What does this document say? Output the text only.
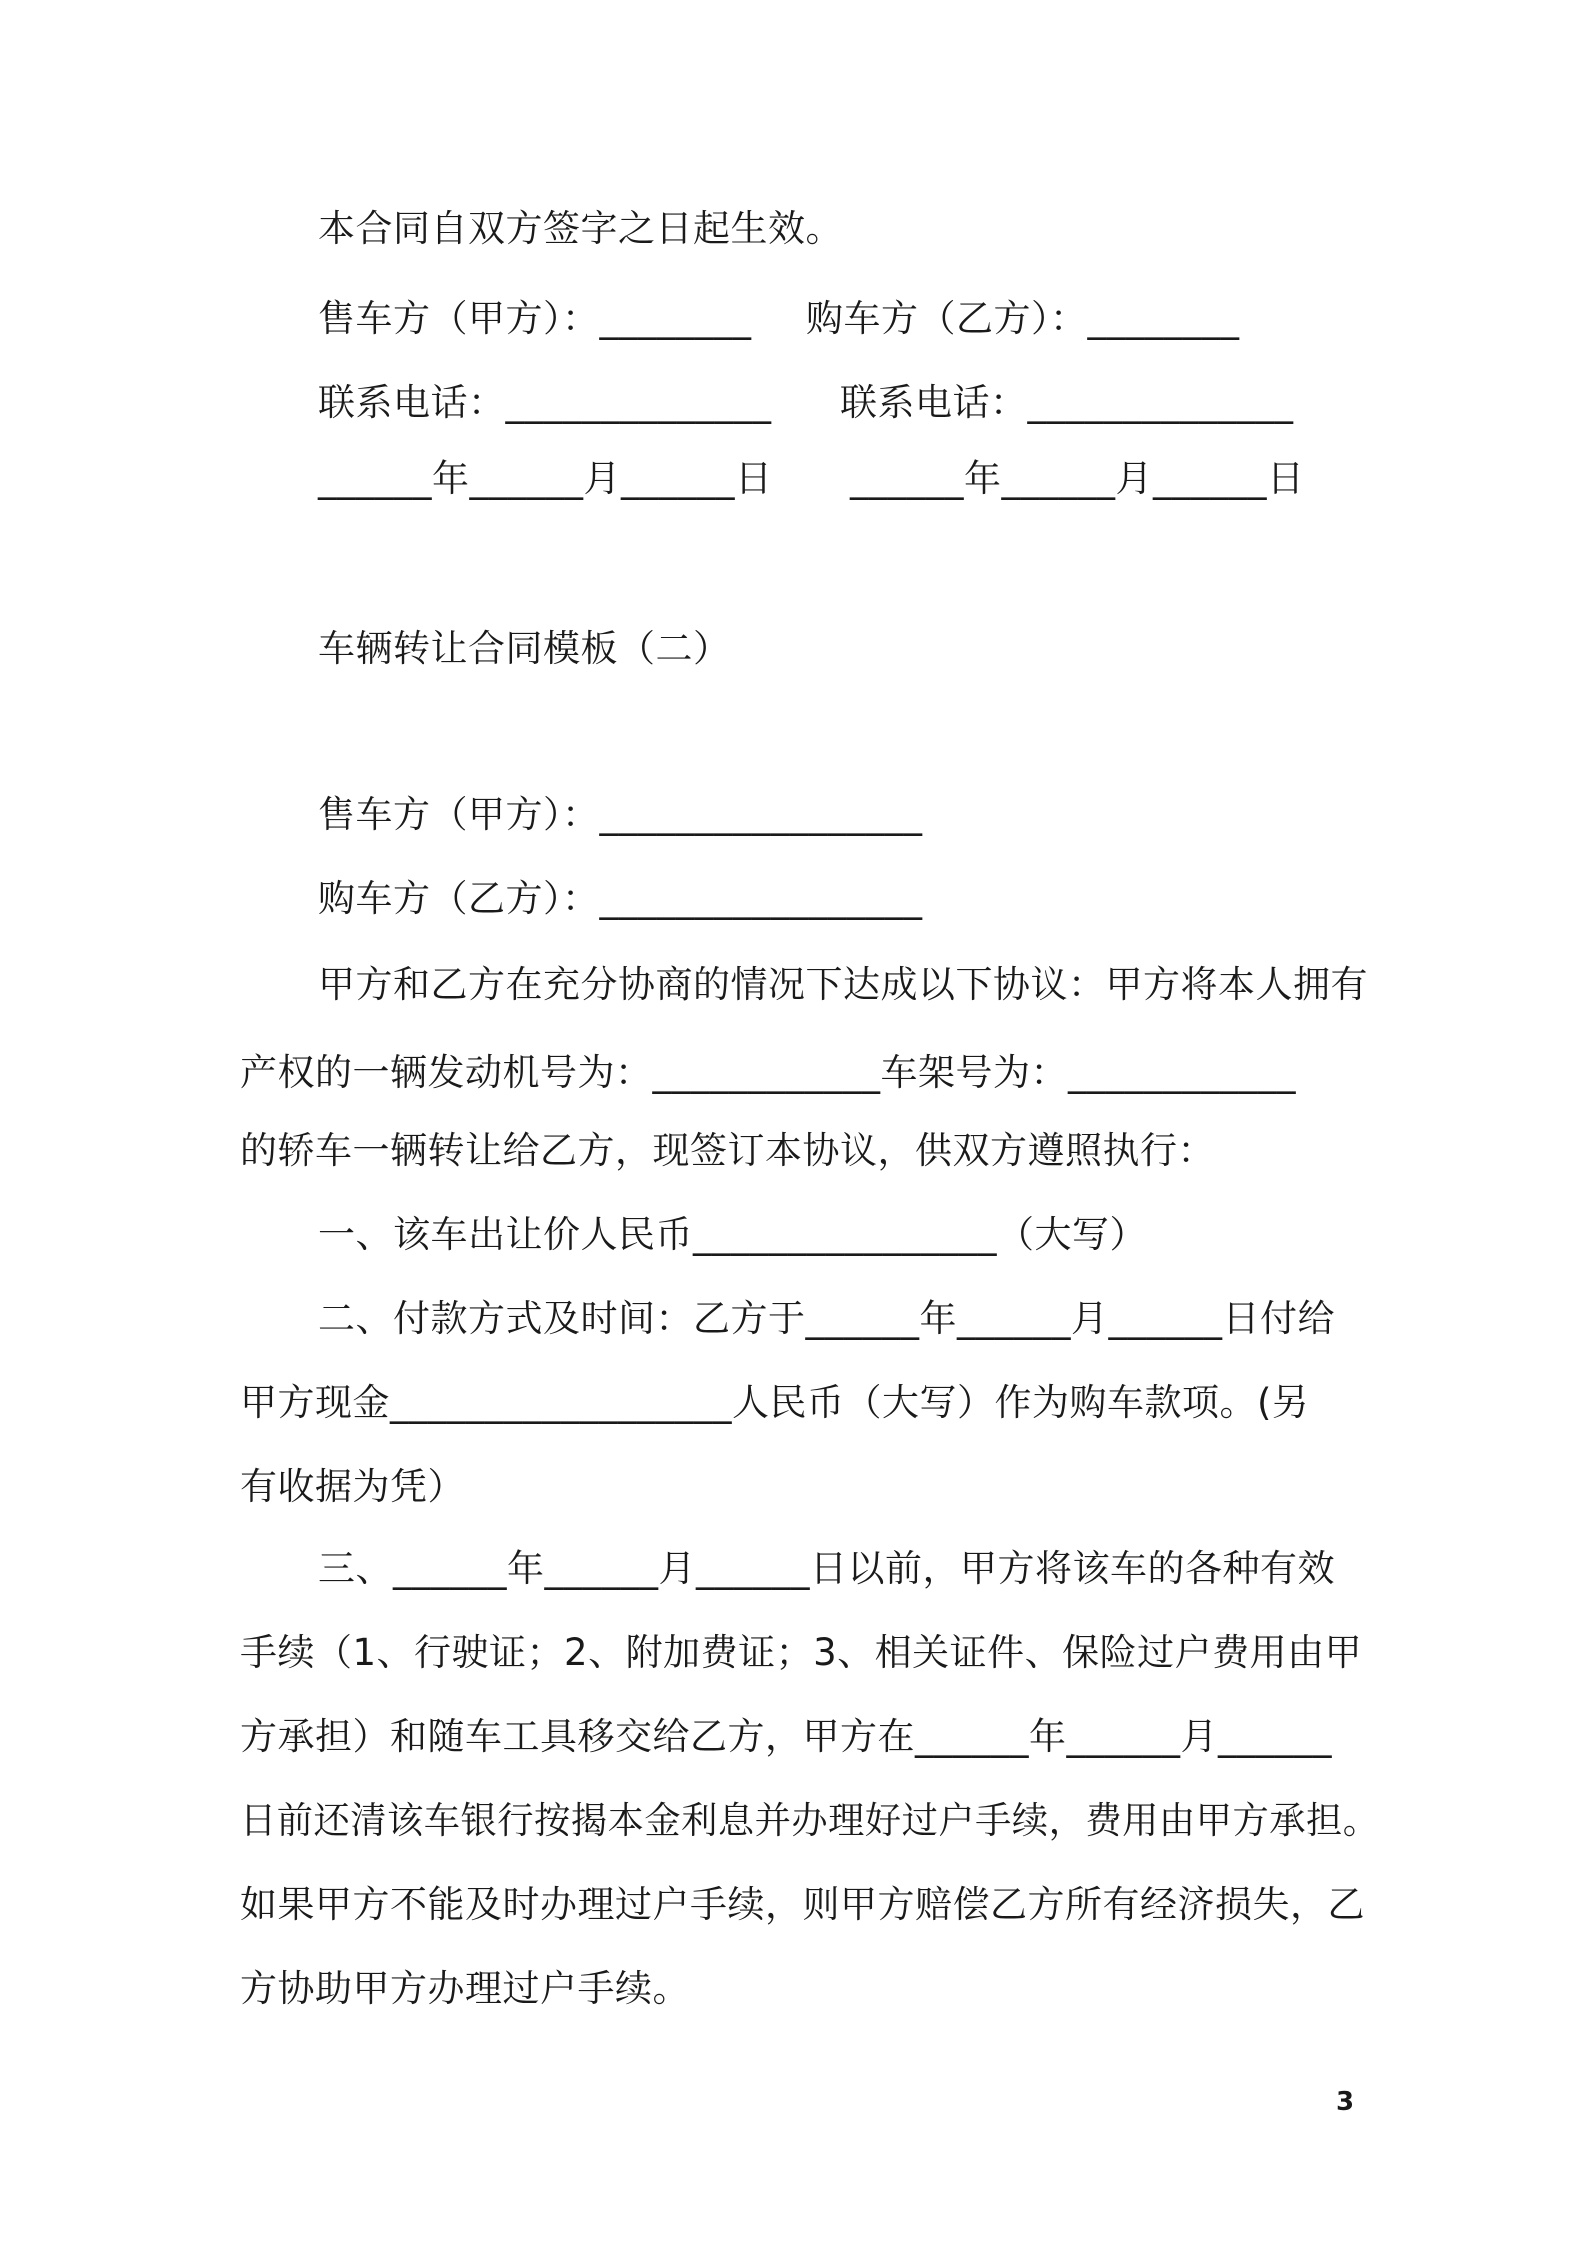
本合同自双方签字之日起生效。
售车方（甲方）：________ 购车方（乙方）：________
联系电话：______________ 联系电话：______________
______年______月______日 ______年______月______日
车辆转让合同模板（二）
售车方（甲方）：_________________
购车方（乙方）：_________________
甲方和乙方在充分协商的情况下达成以下协议：甲方将本人拥有
产权的一辆发动机号为：____________车架号为：____________
的轿车一辆转让给乙方，现签订本协议，供双方遵照执行：
一、该车出让价人民币________________（大写）
二、付款方式及时间：乙方于______年______月______日付给
甲方现金__________________人民币（大写）作为购车款项。(另
有收据为凭）
三、______年______月______日以前，甲方将该车的各种有效
手续（1、行驶证；2、附加费证；3、相关证件、保险过户费用由甲
方承担）和随车工具移交给乙方，甲方在______年______月______
日前还清该车银行按揭本金利息并办理好过户手续，费用由甲方承担。
如果甲方不能及时办理过户手续，则甲方赔偿乙方所有经济损失，乙
方协助甲方办理过户手续。
3
